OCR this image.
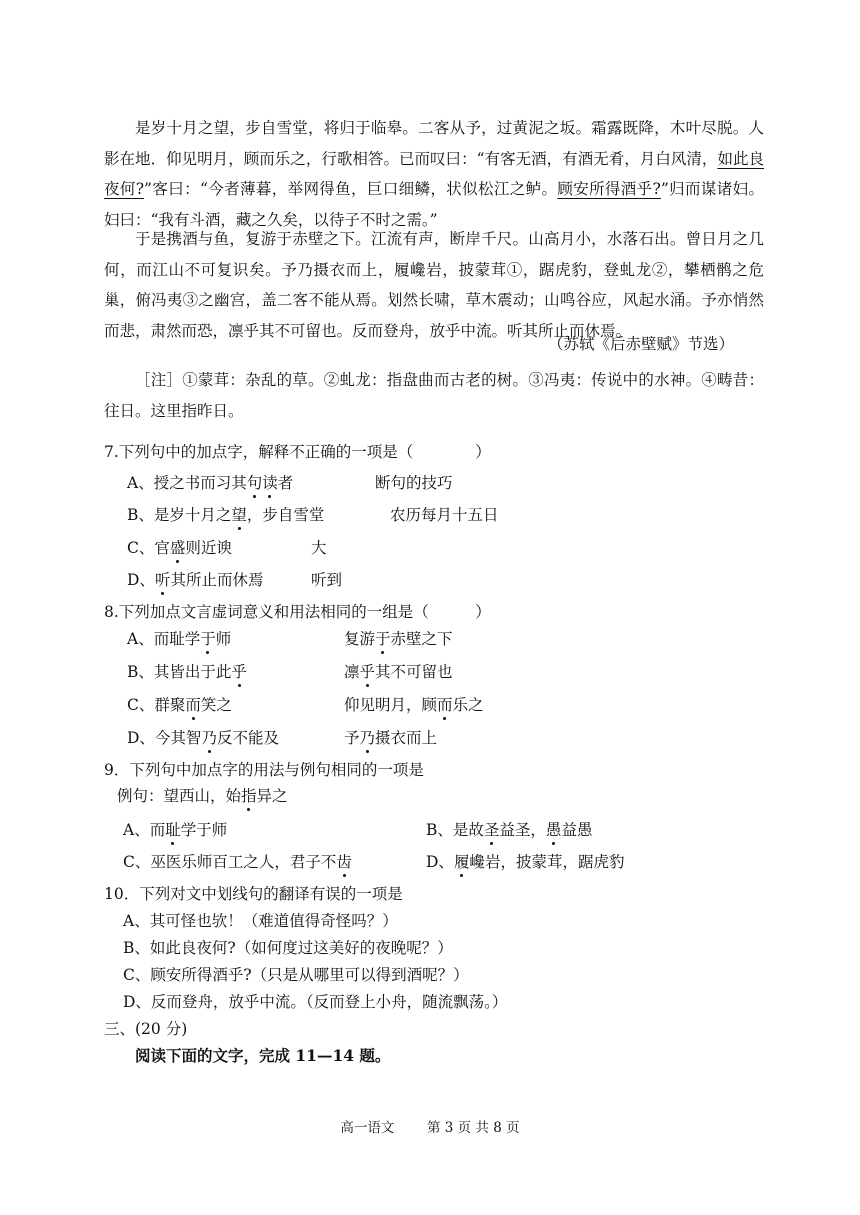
是岁十月之望，步自雪堂，将归于临皋。二客从予，过黄泥之坂。霜露既降，木叶尽脱。人影在地．仰见明月，顾而乐之，行歌相答。已而叹曰：“有客无酒，有酒无肴，月白风清，如此良夜何?”客曰：“今者薄暮，举网得鱼，巨口细鳞，状似松江之鲈。顾安所得酒乎?”归而谋诸妇。妇曰：“我有斗酒，藏之久矣，以待子不时之需。”

于是携酒与鱼，复游于赤壁之下。江流有声，断岸千尺。山高月小，水落石出。曾日月之几何，而江山不可复识矣。予乃摄衣而上，履巉岩，披蒙茸①，踞虎豹，登虬龙②，攀栖鹘之危巢，俯冯夷③之幽宫，盖二客不能从焉。划然长啸，草木震动；山鸣谷应，风起水涌。予亦悄然而悲，肃然而恐，凛乎其不可留也。反而登舟，放乎中流。听其所止而休焉。

（苏轼《后赤壁赋》节选）

［注］①蒙茸：杂乱的草。②虬龙：指盘曲而古老的树。③冯夷：传说中的水神。④畴昔：往日。这里指昨日。

7.下列句中的加点字，解释不正确的一项是（　　　　）
A、授之书而习其句读者	断句的技巧
B、是岁十月之望，步自雪堂	农历每月十五日
C、官盛则近谀	大
D、听其所止而休焉	听到
8.下列加点文言虚词意义和用法相同的一组是（　　　）
A、而耻学于师	复游于赤壁之下
B、其皆出于此乎	凛乎其不可留也
C、群聚而笑之	仰见明月，顾而乐之
D、今其智乃反不能及	予乃摄衣而上
9．下列句中加点字的用法与例句相同的一项是
例句：望西山，始指异之
A、而耻学于师	B、是故圣益圣，愚益愚
C、巫医乐师百工之人，君子不齿	D、履巉岩，披蒙茸，踞虎豹
10．下列对文中划线句的翻译有误的一项是
A、其可怪也欤！（难道值得奇怪吗？）
B、如此良夜何?（如何度过这美好的夜晚呢？）
C、顾安所得酒乎?（只是从哪里可以得到酒呢？）
D、反而登舟，放乎中流。（反而登上小舟，随流飘荡。）
三、(20 分)
阅读下面的文字，完成 11—14 题。
高一语文 第 3 页 共 8 页
